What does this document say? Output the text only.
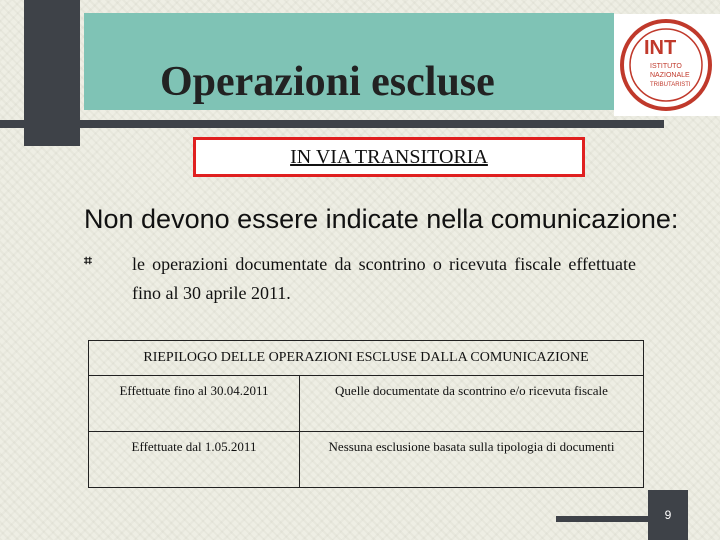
Operazioni escluse
INT
ISTITUTO
NAZIONALE
TRIBUTARISTI
IN VIA TRANSITORIA

Non devono essere indicate nella comunicazione:

⌗ le operazioni documentate da scontrino o ricevuta fiscale effettuate fino al 30 aprile 2011.
RIEPILOGO DELLE OPERAZIONI ESCLUSE DALLA COMUNICAZIONE	
Effettuate fino al 30.04.2011	Quelle documentate da scontrino e/o ricevuta fiscale
Effettuate dal 1.05.2011	Nessuna esclusione basata sulla tipologia di documenti
9
